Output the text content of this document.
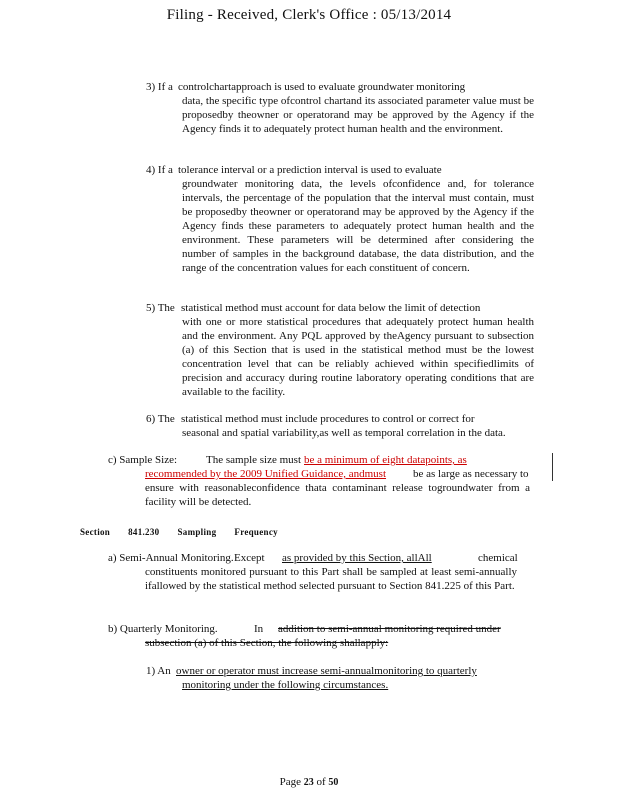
Filing - Received, Clerk's Office : 05/13/2014
3) If a controlchartapproach is used to evaluate groundwater monitoring
data, the specific type ofcontrol chartand its associated parameter value must be proposedby theowner or operatorand may be approved by the Agency if the Agency finds it to adequately protect human health and the environment.
4) If a tolerance interval or a prediction interval is used to evaluate
groundwater monitoring data, the levels ofconfidence and, for tolerance intervals, the percentage of the population that the interval must contain, must be proposedby theowner or operatorand may be approved by the Agency if the Agency finds these parameters to adequately protect human health and the environment. These parameters will be determined after considering the number of samples in the background database, the data distribution, and the range of the concentration values for each constituent of concern.
5) The statistical method must account for data below the limit of detection
with one or more statistical procedures that adequately protect human health and the environment. Any PQL approved by theAgency pursuant to subsection (a) of this Section that is used in the statistical method must be the lowest concentration level that can be reliably achieved within specifiedlimits of precision and accuracy during routine laboratory operating conditions that are available to the facility.
6) The statistical method must include procedures to control or correct for
seasonal and spatial variability,as well as temporal correlation in the data.
c) Sample Size:	The sample size must be a minimum of eight datapoints, as
recommended by the 2009 Unified Guidance, andmust be as large as necessary to
ensure with reasonableconfidence thata contaminant release togroundwater from a facility will be detected.
Section 841.230 Sampling Frequency
a) Semi-Annual Monitoring. Except as provided by this Section, allAll	chemical
constituents monitored pursuant to this Part shall be sampled at least semi-annually ifallowed by the statistical method selected pursuant to Section 841.225 of this Part.
b) Quarterly Monitoring.	In addition to semi-annual monitoring required under
subsection (a) of this Section, the following shallapply:
1) An owner or operator must increase semi-annualmonitoring to quarterly
monitoring under the following circumstances.
Page 23 of 50
